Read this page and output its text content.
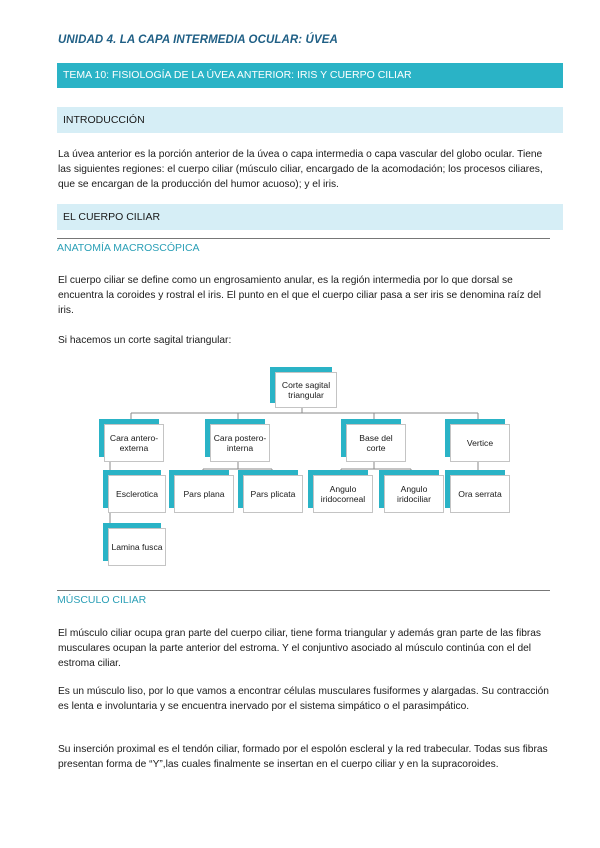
UNIDAD 4. LA CAPA INTERMEDIA OCULAR: ÚVEA
TEMA 10: FISIOLOGÍA DE LA ÚVEA ANTERIOR: IRIS Y CUERPO CILIAR
INTRODUCCIÓN
La úvea anterior es la porción anterior de la úvea o capa intermedia o capa vascular del globo ocular. Tiene las siguientes regiones: el cuerpo ciliar (músculo ciliar, encargado de la acomodación; los procesos ciliares, que se encargan de la producción del humor acuoso); y el iris.
EL CUERPO CILIAR
ANATOMÍA MACROSCÓPICA
El cuerpo ciliar se define como un engrosamiento anular, es la región intermedia por lo que dorsal se encuentra la coroides y rostral el iris. El punto en el que el cuerpo ciliar pasa a ser iris se denomina raíz del iris.
Si hacemos un corte sagital triangular:
Corte sagital triangular
Cara antero-externa
Cara postero-interna
Base del corte
Vertice
Esclerotica
Lamina fusca
Pars plana	Pars plicata
Angulo iridocorneal
Angulo iridociliar
Ora serrata
MÚSCULO CILIAR
El músculo ciliar ocupa gran parte del cuerpo ciliar, tiene forma triangular y además gran parte de las fibras musculares ocupan la parte anterior del estroma. Y el conjuntivo asociado al músculo continúa con el del estroma ciliar.
Es un músculo liso, por lo que vamos a encontrar células musculares fusiformes y alargadas. Su contracción es lenta e involuntaria y se encuentra inervado por el sistema simpático o el parasimpático.
Su inserción proximal es el tendón ciliar, formado por el espolón escleral y la red trabecular. Todas sus fibras presentan forma de “Y”,las cuales finalmente se insertan en el cuerpo ciliar y en la supracoroides.
